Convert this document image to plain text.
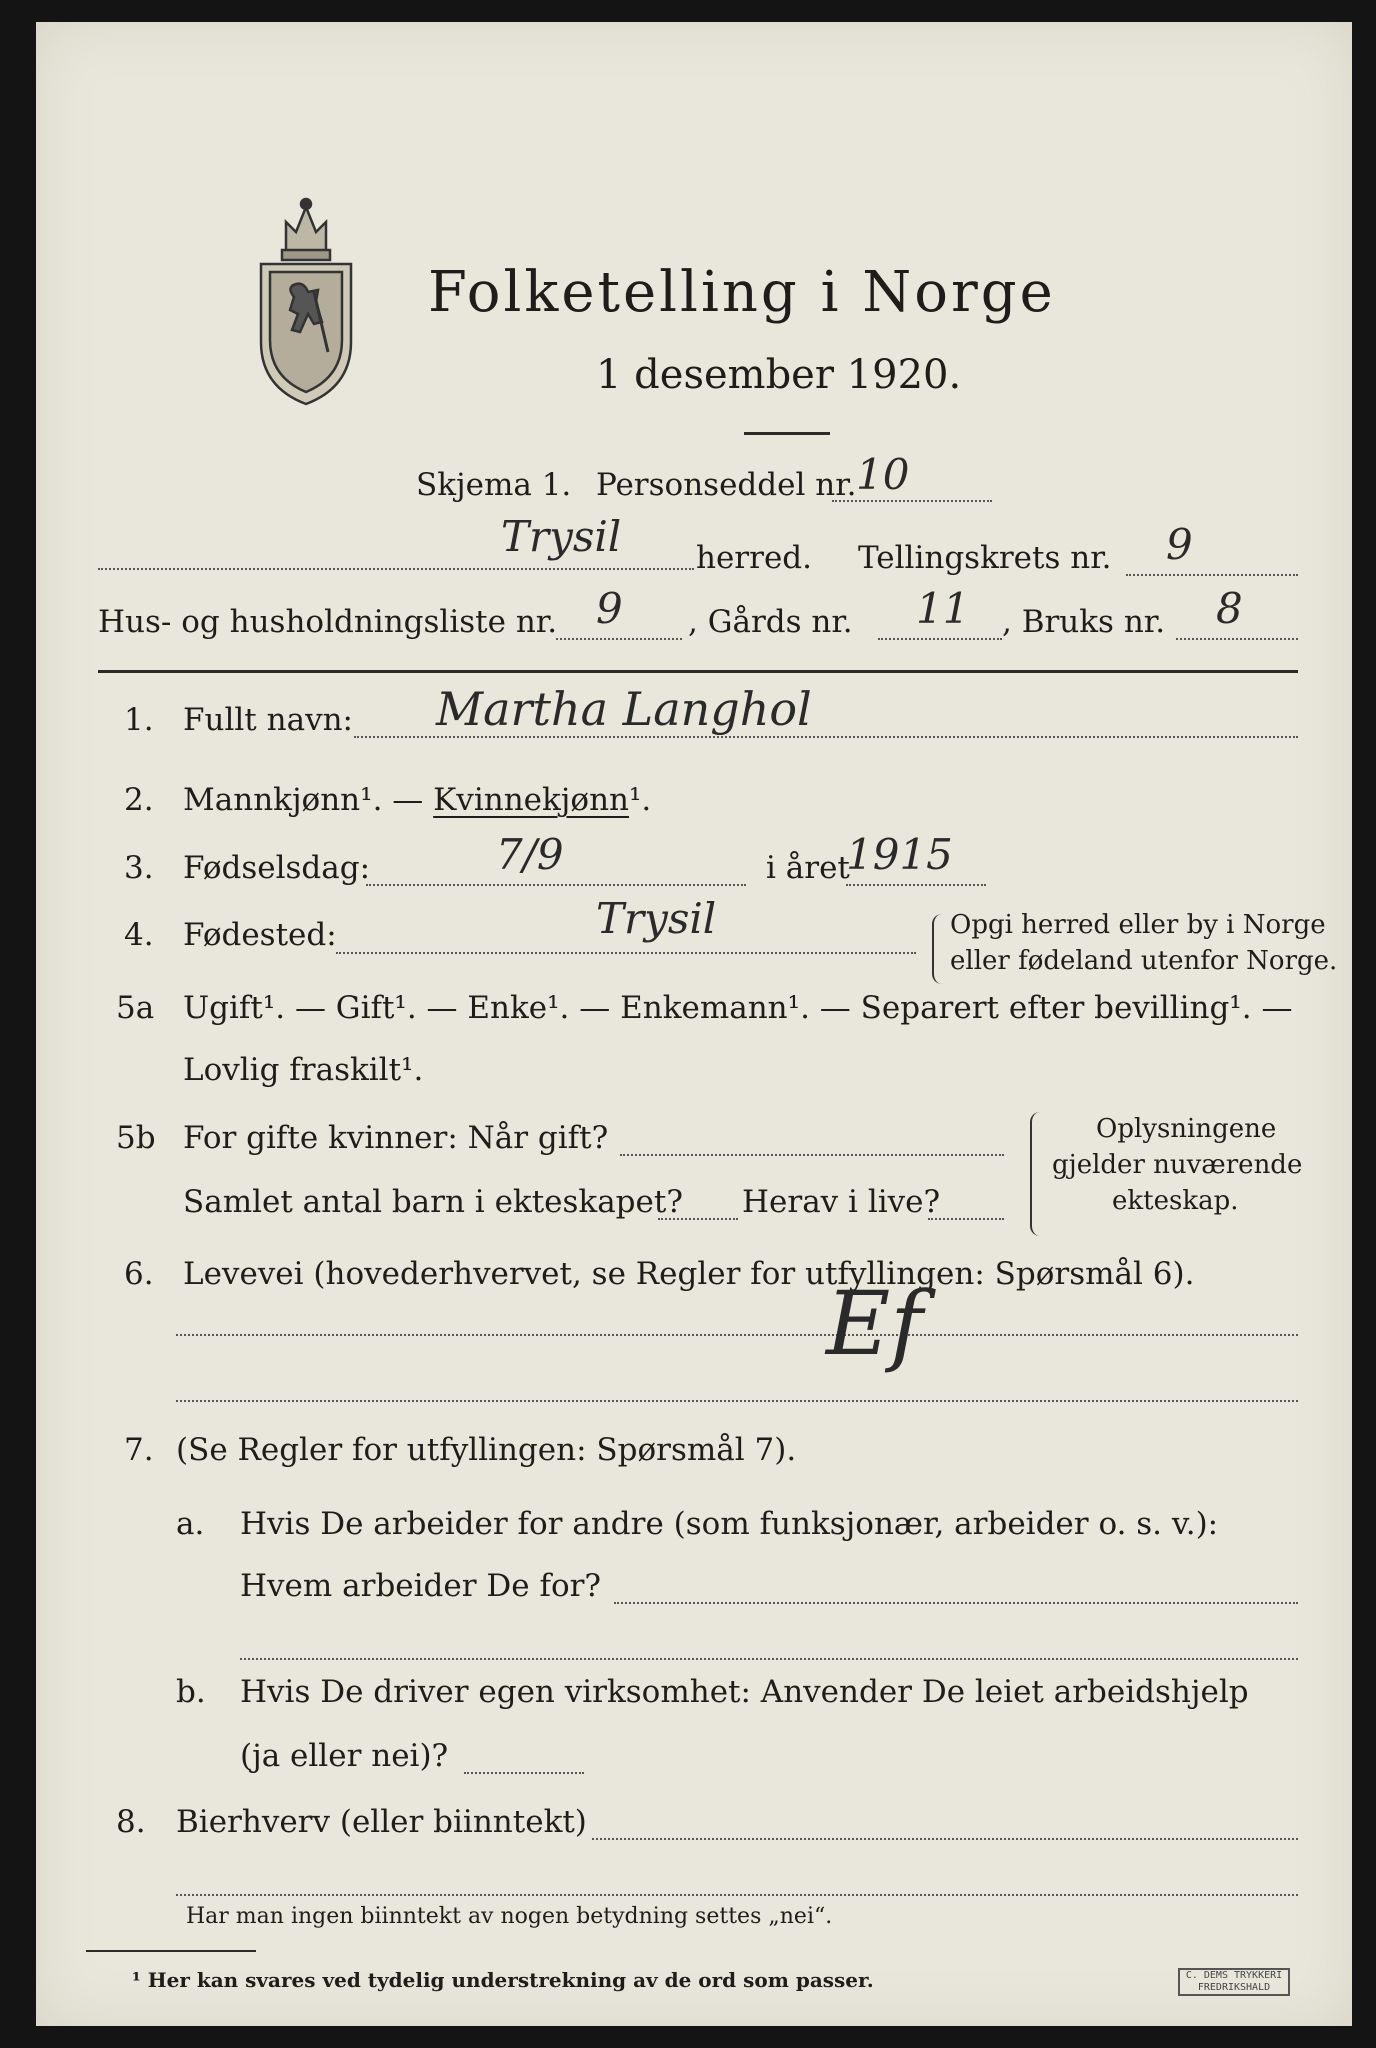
Folketelling i Norge
1 desember 1920.
Skjema 1. Personseddel nr. 10
Trysil herred. Tellingskrets nr. 9
Hus- og husholdningsliste nr. 9 , Gårds nr. 11 , Bruks nr. 8
1. Fullt navn: Martha Langhol
2. Mannkjønn¹. — Kvinnekjønn¹.
3. Fødselsdag:	7/9	i året
1915
4. Fødested:	Trysil	Opgi herred eller by i Norge
eller fødeland utenfor Norge.
5a Ugift¹. — Gift¹. — Enke¹. — Enkemann¹. — Separert efter bevilling¹. —
Lovlig fraskilt¹.
5b For gifte kvinner: Når gift?
Samlet antal barn i ekteskapet? Herav i live?
Oplysningene
gjelder nuværende
ekteskap.
6. Levevei (hovederhvervet, se Regler for utfyllingen: Spørsmål 6).
Ef
7. (Se Regler for utfyllingen: Spørsmål 7).
a. Hvis De arbeider for andre (som funksjonær, arbeider o. s. v.):
Hvem arbeider De for?
b. Hvis De driver egen virksomhet: Anvender De leiet arbeidshjelp
(ja eller nei)?
8. Bierhverv (eller biinntekt)
Har man ingen biinntekt av nogen betydning settes „nei“.
¹ Her kan svares ved tydelig understrekning av de ord som passer.	C. DEMS TRYKKERI FREDRIKSHALD
